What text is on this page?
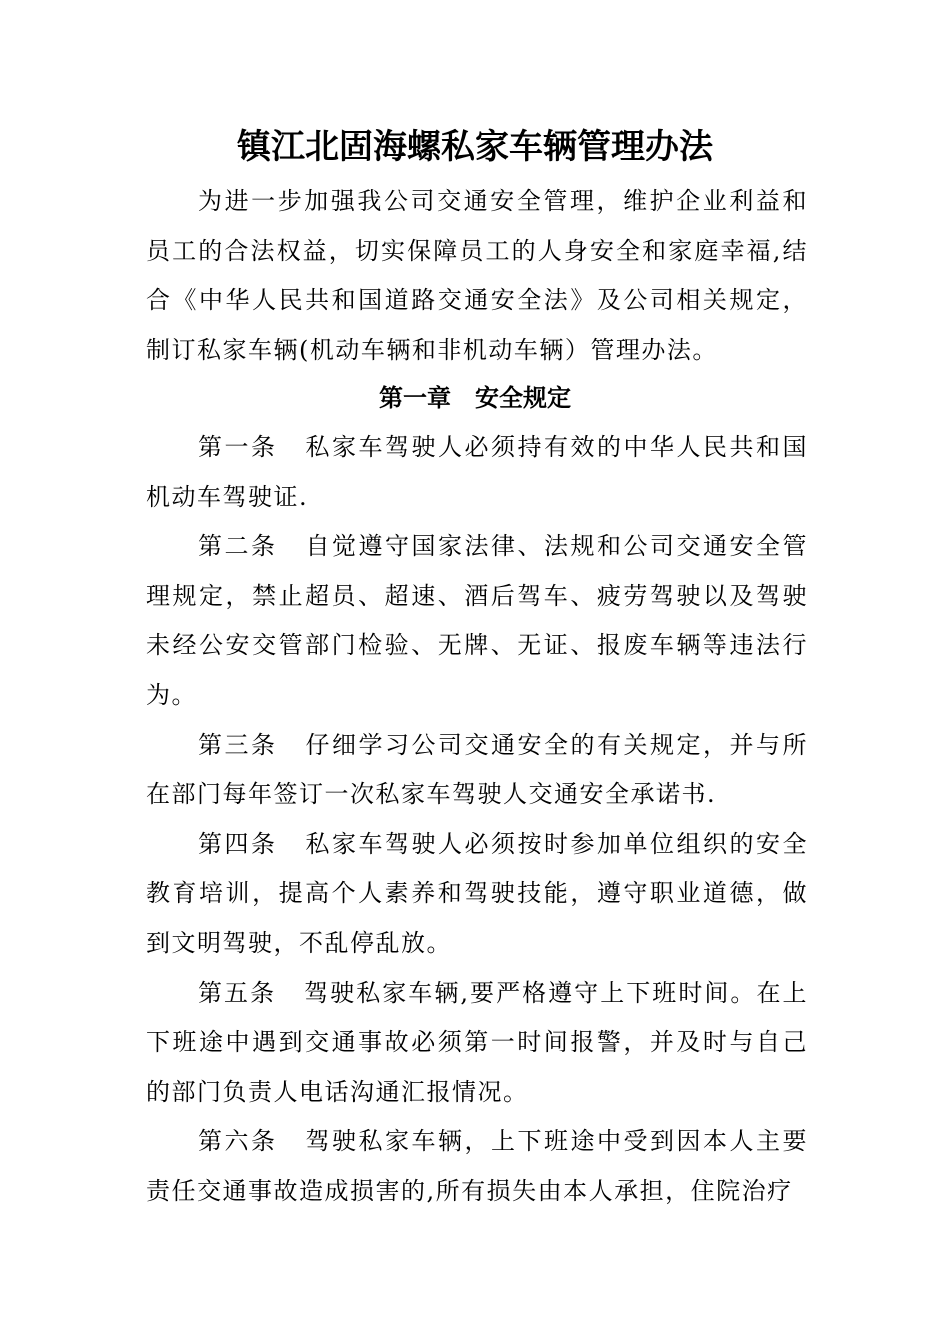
镇江北固海螺私家车辆管理办法

为进一步加强我公司交通安全管理，维护企业利益和员工的合法权益，切实保障员工的人身安全和家庭幸福,结合《中华人民共和国道路交通安全法》及公司相关规定，制订私家车辆(机动车辆和非机动车辆）管理办法。

第一章　安全规定

第一条 私家车驾驶人必须持有效的中华人民共和国机动车驾驶证.

第二条 自觉遵守国家法律、法规和公司交通安全管理规定，禁止超员、超速、酒后驾车、疲劳驾驶以及驾驶未经公安交管部门检验、无牌、无证、报废车辆等违法行为。

第三条 仔细学习公司交通安全的有关规定，并与所在部门每年签订一次私家车驾驶人交通安全承诺书.

第四条 私家车驾驶人必须按时参加单位组织的安全教育培训，提高个人素养和驾驶技能，遵守职业道德，做到文明驾驶，不乱停乱放。

第五条 驾驶私家车辆,要严格遵守上下班时间。在上下班途中遇到交通事故必须第一时间报警，并及时与自己的部门负责人电话沟通汇报情况。

第六条 驾驶私家车辆，上下班途中受到因本人主要责任交通事故造成损害的,所有损失由本人承担，住院治疗
